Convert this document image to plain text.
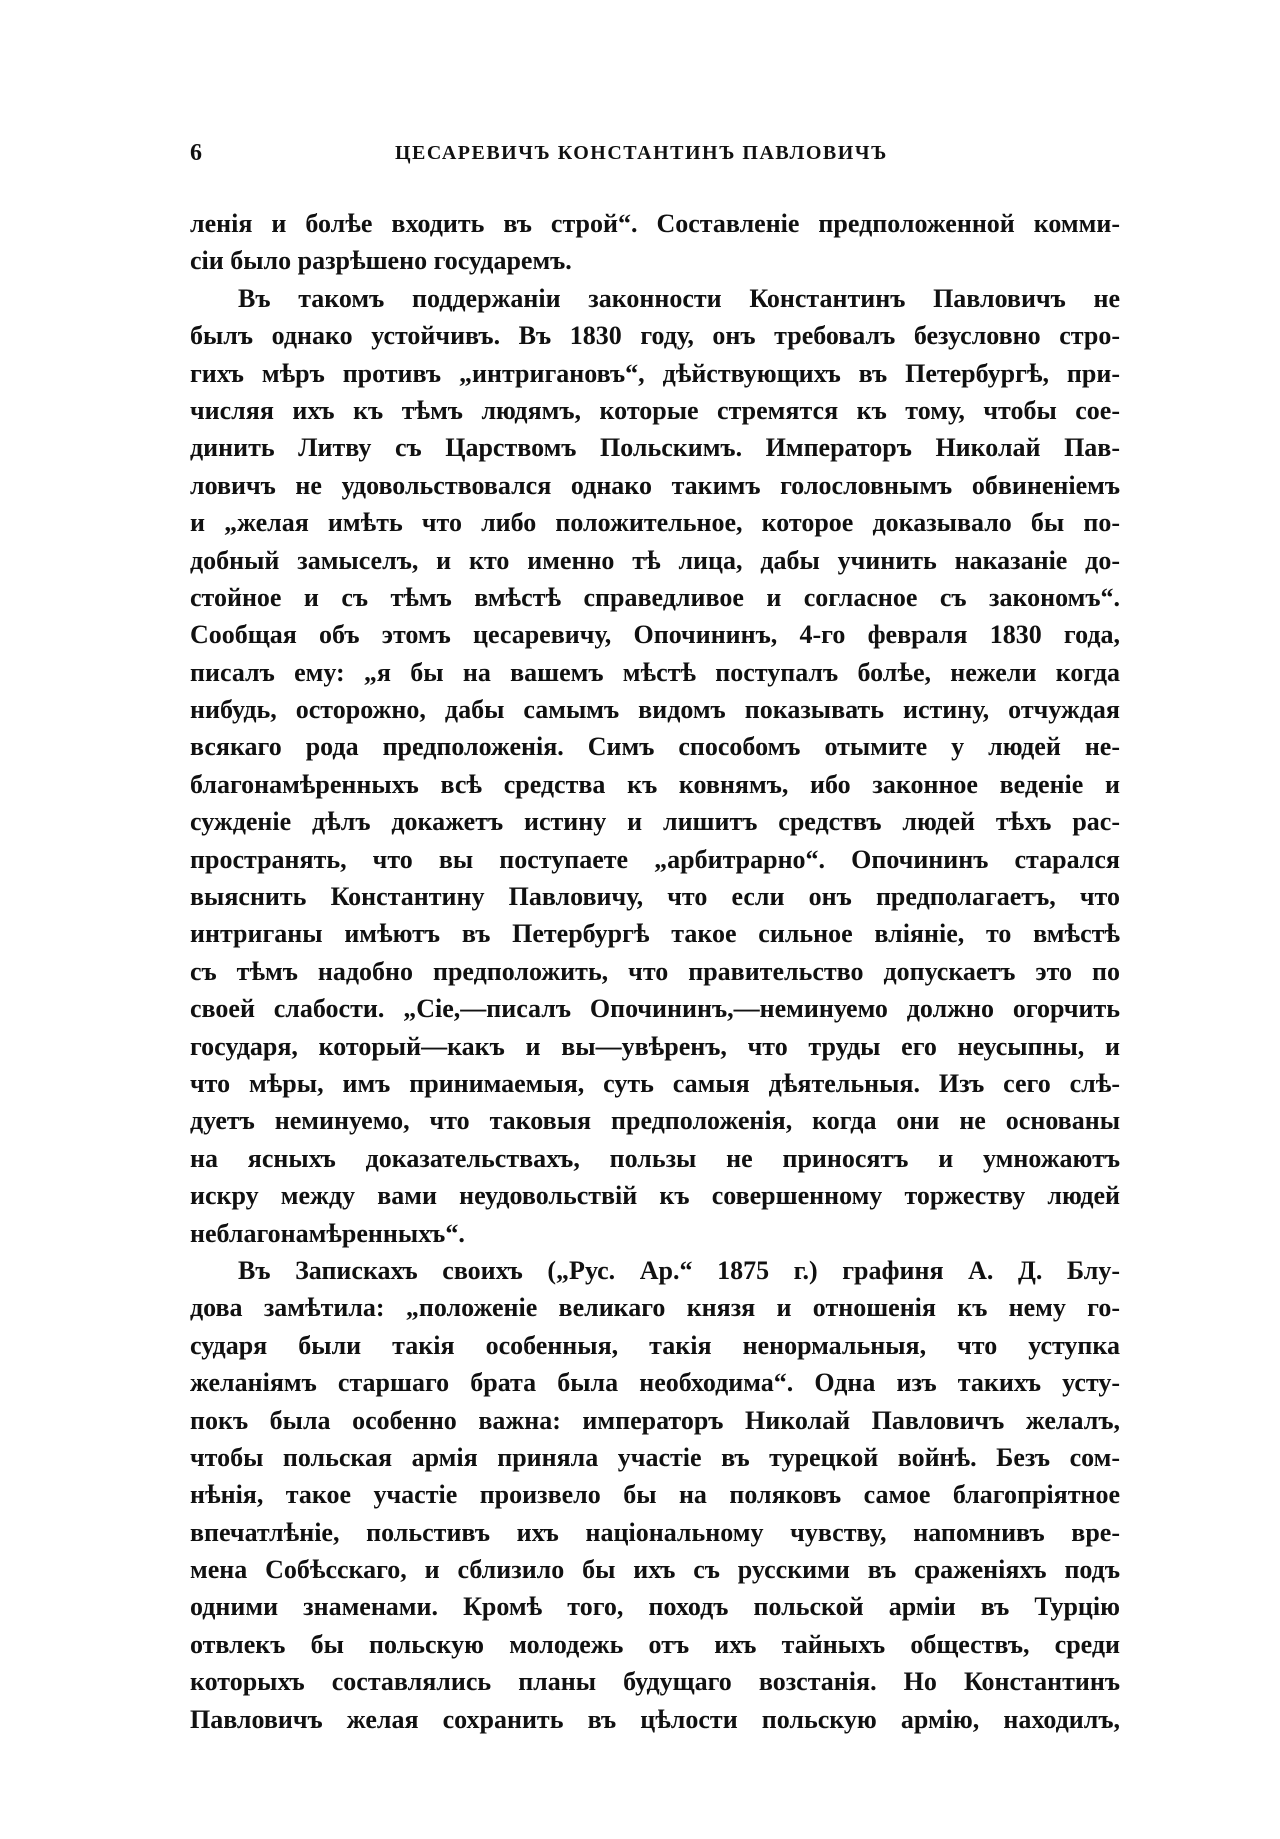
6	ЦЕСАРЕВИЧЪ КОНСТАНТИНЪ ПАВЛОВИЧЪ
ленія и болѣе входить въ строй“. Составленіе предположенной комми-
сіи было разрѣшено государемъ.
Въ такомъ поддержаніи законности Константинъ Павловичъ не
былъ однако устойчивъ. Въ 1830 году, онъ требовалъ безусловно стро-
гихъ мѣръ противъ „интригановъ“, дѣйствующихъ въ Петербургѣ, при-
числяя ихъ къ тѣмъ людямъ, которые стремятся къ тому, чтобы сое-
динить Литву съ Царствомъ Польскимъ. Императоръ Николай Пав-
ловичъ не удовольствовался однако такимъ голословнымъ обвиненіемъ
и „желая имѣть что либо положительное, которое доказывало бы по-
добный замыселъ, и кто именно тѣ лица, дабы учинить наказаніе до-
стойное и съ тѣмъ вмѣстѣ справедливое и согласное съ закономъ“.
Сообщая объ этомъ цесаревичу, Опочининъ, 4-го февраля 1830 года,
писалъ ему: „я бы на вашемъ мѣстѣ поступалъ болѣе, нежели когда
нибудь, осторожно, дабы самымъ видомъ показывать истину, отчуждая
всякаго рода предположенія. Симъ способомъ отымите у людей не-
благонамѣренныхъ всѣ средства къ ковнямъ, ибо законное веденіе и
сужденіе дѣлъ докажетъ истину и лишитъ средствъ людей тѣхъ рас-
пространять, что вы поступаете „арбитрарно“. Опочининъ старался
выяснить Константину Павловичу, что если онъ предполагаетъ, что
интриганы имѣютъ въ Петербургѣ такое сильное вліяніе, то вмѣстѣ
съ тѣмъ надобно предположить, что правительство допускаетъ это по
своей слабости. „Сіе,—писалъ Опочининъ,—неминуемо должно огорчить
государя, который—какъ и вы—увѣренъ, что труды его неусыпны, и
что мѣры, имъ принимаемыя, суть самыя дѣятельныя. Изъ сего слѣ-
дуетъ неминуемо, что таковыя предположенія, когда они не основаны
на ясныхъ доказательствахъ, пользы не приносятъ и умножаютъ
искру между вами неудовольствій къ совершенному торжеству людей
неблагонамѣренныхъ“.
Въ Запискахъ своихъ („Рус. Ар.“ 1875 г.) графиня А. Д. Блу-
дова замѣтила: „положеніе великаго князя и отношенія къ нему го-
сударя были такія особенныя, такія ненормальныя, что уступка
желаніямъ старшаго брата была необходима“. Одна изъ такихъ усту-
покъ была особенно важна: императоръ Николай Павловичъ желалъ,
чтобы польская армія приняла участіе въ турецкой войнѣ. Безъ сом-
нѣнія, такое участіе произвело бы на поляковъ самое благопріятное
впечатлѣніе, польстивъ ихъ національному чувству, напомнивъ вре-
мена Собѣсскаго, и сблизило бы ихъ съ русскими въ сраженіяхъ подъ
одними знаменами. Кромѣ того, походъ польской арміи въ Турцію
отвлекъ бы польскую молодежь отъ ихъ тайныхъ обществъ, среди
которыхъ составлялись планы будущаго возстанія. Но Константинъ
Павловичъ желая сохранить въ цѣлости польскую армію, находилъ,
